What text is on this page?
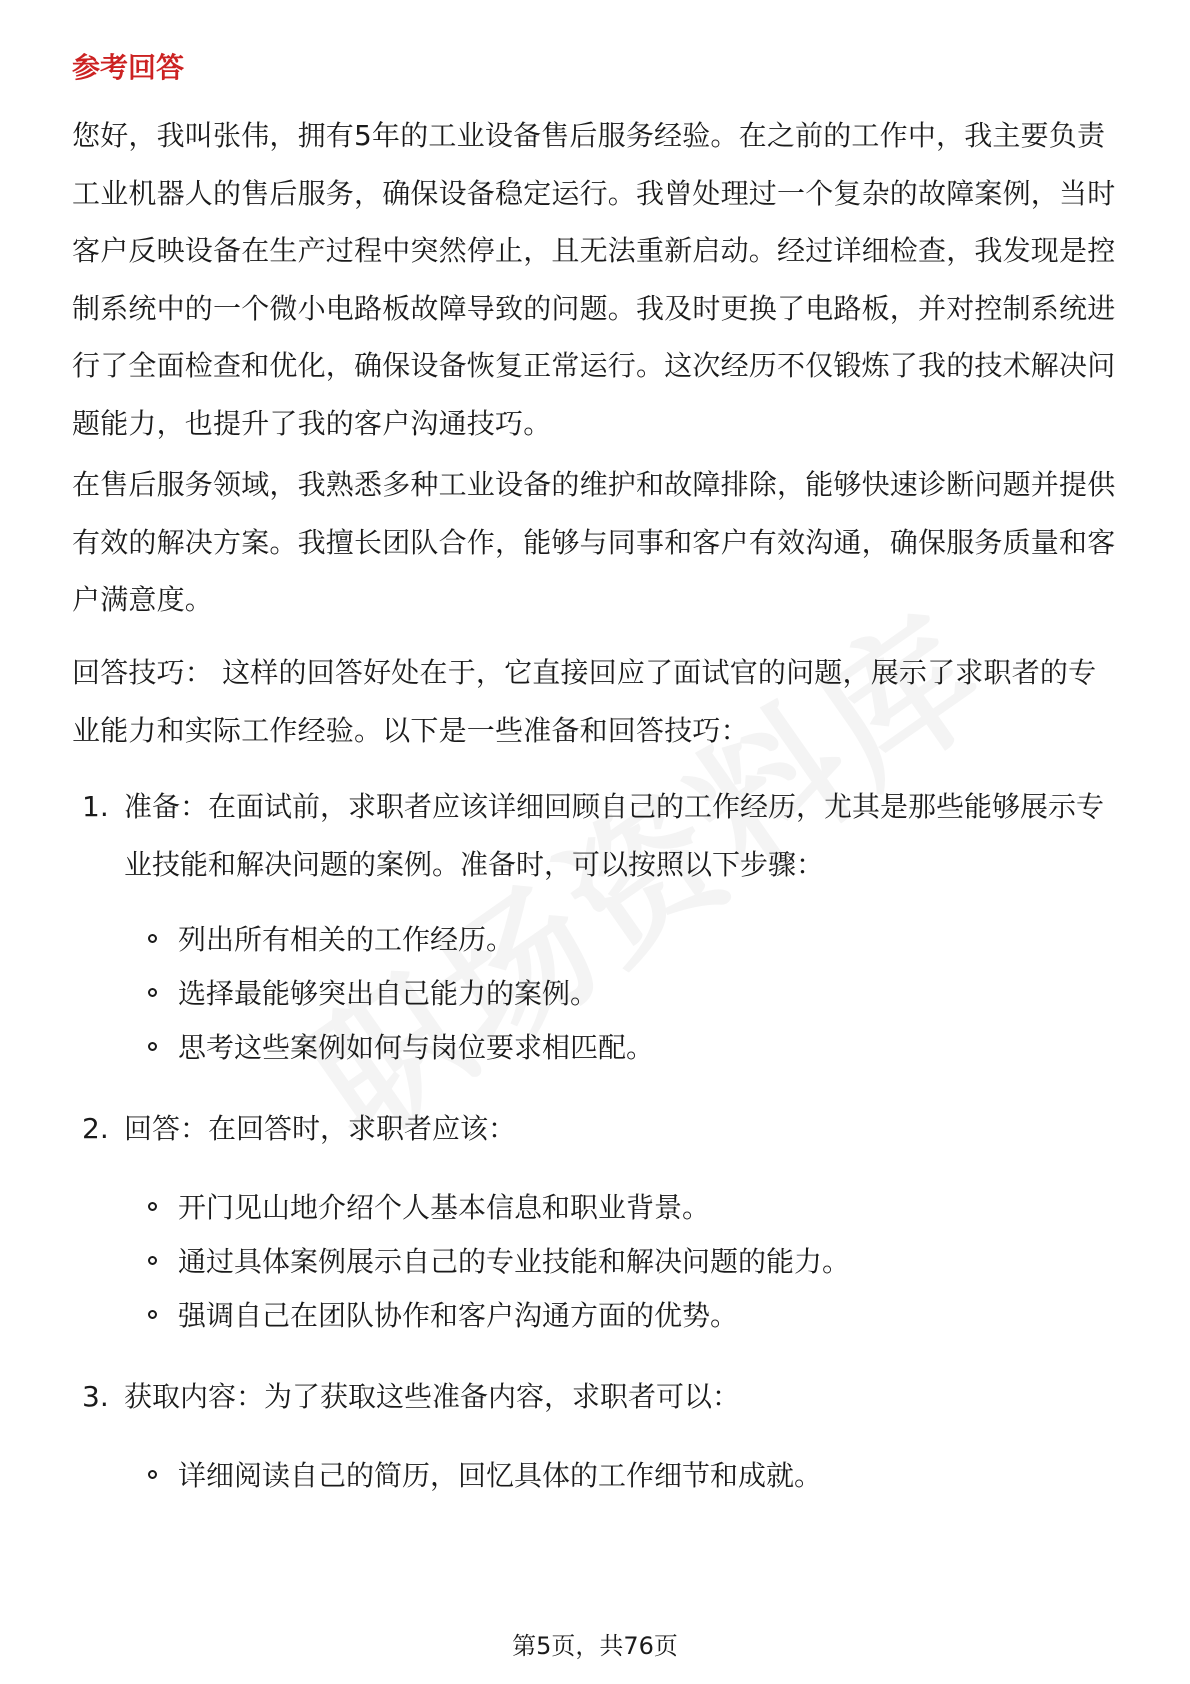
参考回答

您好，我叫张伟，拥有5年的工业设备售后服务经验。在之前的工作中，我主要负责工业机器人的售后服务，确保设备稳定运行。我曾处理过一个复杂的故障案例，当时客户反映设备在生产过程中突然停止，且无法重新启动。经过详细检查，我发现是控制系统中的一个微小电路板故障导致的问题。我及时更换了电路板，并对控制系统进行了全面检查和优化，确保设备恢复正常运行。这次经历不仅锻炼了我的技术解决问题能力，也提升了我的客户沟通技巧。

在售后服务领域，我熟悉多种工业设备的维护和故障排除，能够快速诊断问题并提供有效的解决方案。我擅长团队合作，能够与同事和客户有效沟通，确保服务质量和客户满意度。

回答技巧： 这样的回答好处在于，它直接回应了面试官的问题，展示了求职者的专业能力和实际工作经验。以下是一些准备和回答技巧：

1. 准备：在面试前，求职者应该详细回顾自己的工作经历，尤其是那些能够展示专业技能和解决问题的案例。准备时，可以按照以下步骤：
列出所有相关的工作经历。
选择最能够突出自己能力的案例。
思考这些案例如何与岗位要求相匹配。
2. 回答：在回答时，求职者应该：
开门见山地介绍个人基本信息和职业背景。
通过具体案例展示自己的专业技能和解决问题的能力。
强调自己在团队协作和客户沟通方面的优势。
3. 获取内容：为了获取这些准备内容，求职者可以：
详细阅读自己的简历，回忆具体的工作细节和成就。
第5页，共76页
